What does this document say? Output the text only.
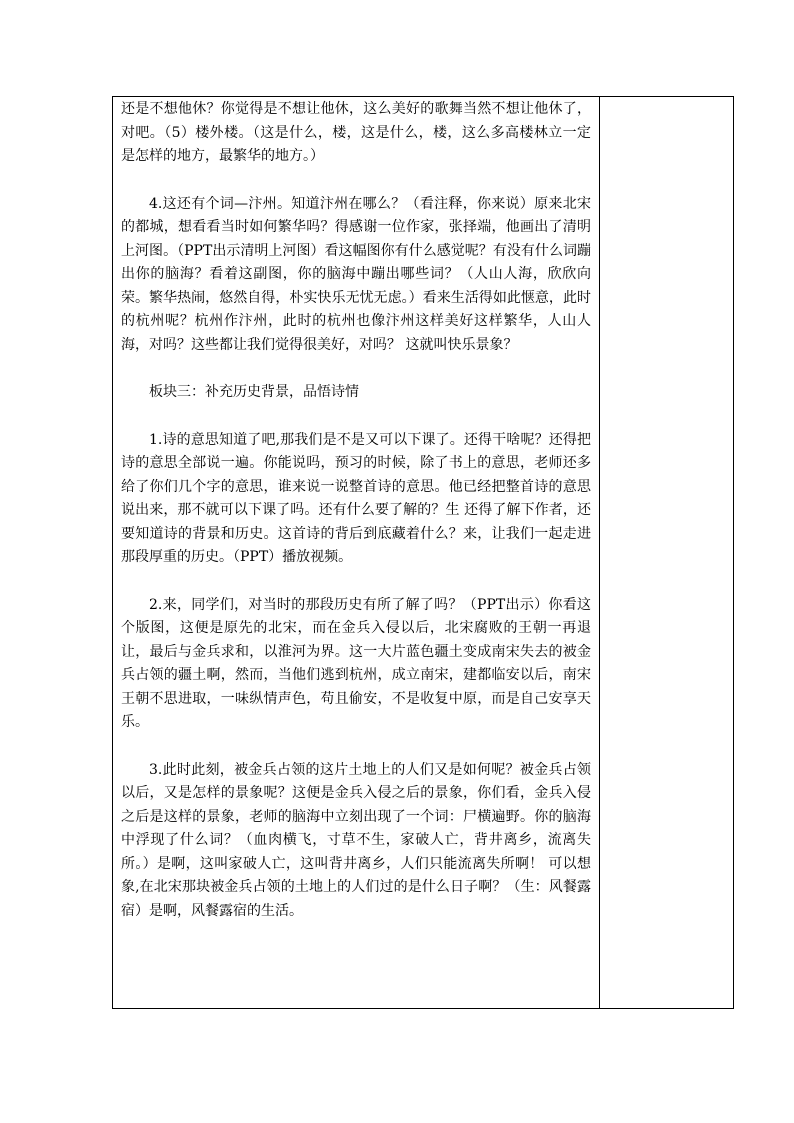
还是不想他休？你觉得是不想让他休，这么美好的歌舞当然不想让他休了，对吧。（5）楼外楼。（这是什么，楼，这是什么，楼，这么多高楼林立一定是怎样的地方，最繁华的地方。）

4.这还有个词—汴州。知道汴州在哪么？（看注释，你来说）原来北宋的都城，想看看当时如何繁华吗？得感谢一位作家，张择端，他画出了清明上河图。（PPT出示清明上河图）看这幅图你有什么感觉呢？有没有什么词蹦出你的脑海？看着这副图，你的脑海中蹦出哪些词？（人山人海，欣欣向荣。繁华热闹，悠然自得，朴实快乐无忧无虑。）看来生活得如此惬意，此时的杭州呢？杭州作汴州，此时的杭州也像汴州这样美好这样繁华，人山人海，对吗？这些都让我们觉得很美好，对吗？ 这就叫快乐景象？

板块三：补充历史背景，品悟诗情

1.诗的意思知道了吧,那我们是不是又可以下课了。还得干啥呢？还得把诗的意思全部说一遍。你能说吗，预习的时候，除了书上的意思，老师还多给了你们几个字的意思，谁来说一说整首诗的意思。他已经把整首诗的意思说出来，那不就可以下课了吗。还有什么要了解的？生 还得了解下作者，还要知道诗的背景和历史。这首诗的背后到底藏着什么？来，让我们一起走进那段厚重的历史。（PPT）播放视频。

2.来，同学们，对当时的那段历史有所了解了吗？（PPT出示）你看这个版图，这便是原先的北宋，而在金兵入侵以后，北宋腐败的王朝一再退让，最后与金兵求和，以淮河为界。这一大片蓝色疆土变成南宋失去的被金兵占领的疆土啊，然而，当他们逃到杭州，成立南宋，建都临安以后，南宋王朝不思进取，一味纵情声色，苟且偷安，不是收复中原，而是自己安享天乐。

3.此时此刻，被金兵占领的这片土地上的人们又是如何呢？被金兵占领以后，又是怎样的景象呢？这便是金兵入侵之后的景象，你们看，金兵入侵之后是这样的景象，老师的脑海中立刻出现了一个词：尸横遍野。你的脑海中浮现了什么词？（血肉横飞，寸草不生，家破人亡，背井离乡，流离失所。）是啊，这叫家破人亡，这叫背井离乡，人们只能流离失所啊！ 可以想象,在北宋那块被金兵占领的土地上的人们过的是什么日子啊？（生：风餐露宿）是啊，风餐露宿的生活。
